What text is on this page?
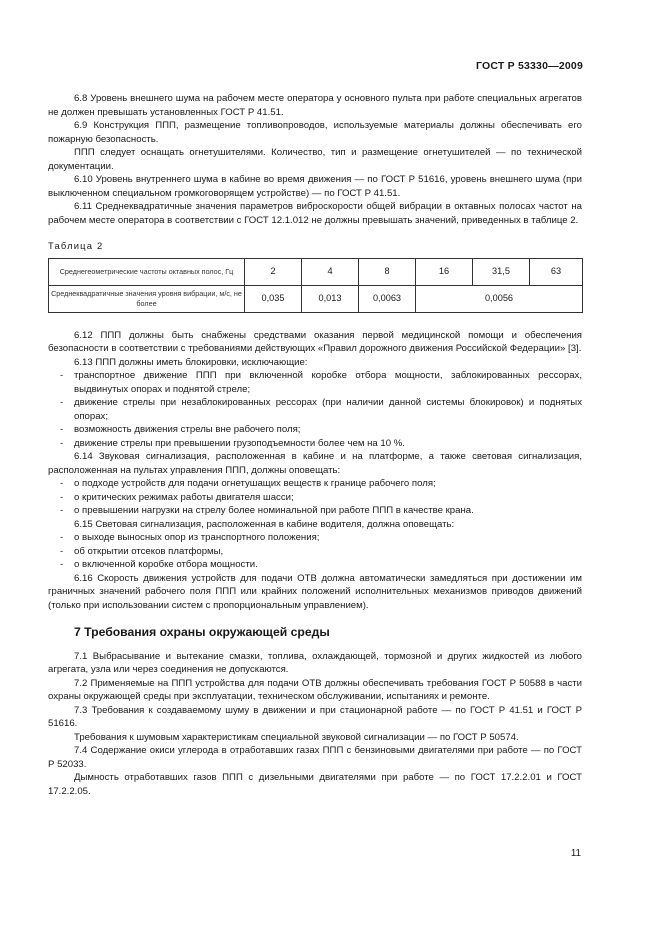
ГОСТ Р 53330—2009

6.8 Уровень внешнего шума на рабочем месте оператора у основного пульта при работе специальных агрегатов не должен превышать установленных ГОСТ Р 41.51.

6.9 Конструкция ППП, размещение топливопроводов, используемые материалы должны обеспечивать его пожарную безопасность.

ППП следует оснащать огнетушителями. Количество, тип и размещение огнетушителей — по технической документации.

6.10 Уровень внутреннего шума в кабине во время движения — по ГОСТ Р 51616, уровень внешнего шума (при выключенном специальном громкоговорящем устройстве) — по ГОСТ Р 41.51.

6.11 Среднеквадратичные значения параметров виброскорости общей вибрации в октавных полосах частот на рабочем месте оператора в соответствии с ГОСТ 12.1.012 не должны превышать значений, приведенных в таблице 2.

Таблица 2
Среднегеометрические частоты октавных полос, Гц	2	4	8	16	31,5	63
Среднеквадратичные значения уровня вибрации, м/с, не более	0,035	0,013	0,0063	0,0056		

6.12 ППП должны быть снабжены средствами оказания первой медицинской помощи и обеспечения безопасности в соответствии с требованиями действующих «Правил дорожного движения Российской Федерации» [3].

6.13 ППП должны иметь блокировки, исключающие:

- транспортное движение ППП при включенной коробке отбора мощности, заблокированных рессорах, выдвинутых опорах и поднятой стреле;

- движение стрелы при незаблокированных рессорах (при наличии данной системы блокировок) и поднятых опорах;

- возможность движения стрелы вне рабочего поля;

- движение стрелы при превышении грузоподъемности более чем на 10 %.

6.14 Звуковая сигнализация, расположенная в кабине и на платформе, а также световая сигнализация, расположенная на пультах управления ППП, должны оповещать:

- о подходе устройств для подачи огнетушащих веществ к границе рабочего поля;

- о критических режимах работы двигателя шасси;

- о превышении нагрузки на стрелу более номинальной при работе ППП в качестве крана.

6.15 Световая сигнализация, расположенная в кабине водителя, должна оповещать:

- о выходе выносных опор из транспортного положения;

- об открытии отсеков платформы,

- о включенной коробке отбора мощности.

6.16 Скорость движения устройств для подачи ОТВ должна автоматически замедляться при достижении им граничных значений рабочего поля ППП или крайних положений исполнительных механизмов приводов движений (только при использовании систем с пропорциональным управлением).

7 Требования охраны окружающей среды

7.1 Выбрасывание и вытекание смазки, топлива, охлаждающей, тормозной и других жидкостей из любого агрегата, узла или через соединения не допускаются.

7.2 Применяемые на ППП устройства для подачи ОТВ должны обеспечивать требования ГОСТ Р 50588 в части охраны окружающей среды при эксплуатации, техническом обслуживании, испытаниях и ремонте.

7.3 Требования к создаваемому шуму в движении и при стационарной работе — по ГОСТ Р 41.51 и ГОСТ Р 51616.

Требования к шумовым характеристикам специальной звуковой сигнализации — по ГОСТ Р 50574.

7.4 Содержание окиси углерода в отработавших газах ППП с бензиновыми двигателями при работе — по ГОСТ Р 52033.

Дымность отработавших газов ППП с дизельными двигателями при работе — по ГОСТ 17.2.2.01 и ГОСТ 17.2.2.05.

11
